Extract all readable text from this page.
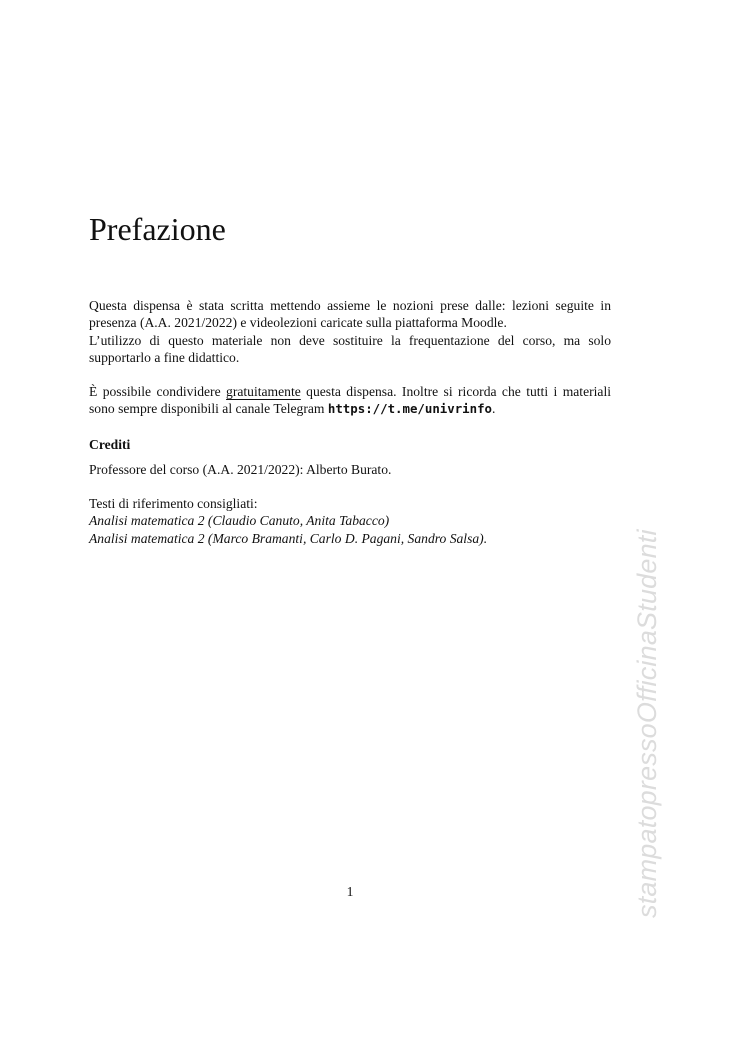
Prefazione

Questa dispensa è stata scritta mettendo assieme le nozioni prese dalle: lezioni seguite in presenza (A.A. 2021/2022) e videolezioni caricate sulla piattaforma Moodle.
L’utilizzo di questo materiale non deve sostituire la frequentazione del corso, ma solo supportarlo a fine didattico.

È possibile condividere gratuitamente questa dispensa. Inoltre si ricorda che tutti i materiali sono sempre disponibili al canale Telegram https://t.me/univrinfo.

Crediti

Professore del corso (A.A. 2021/2022): Alberto Burato.

Testi di riferimento consigliati:

Analisi matematica 2 (Claudio Canuto, Anita Tabacco)
Analisi matematica 2 (Marco Bramanti, Carlo D. Pagani, Sandro Salsa).

1	stampatopressoOfficinaStudenti
